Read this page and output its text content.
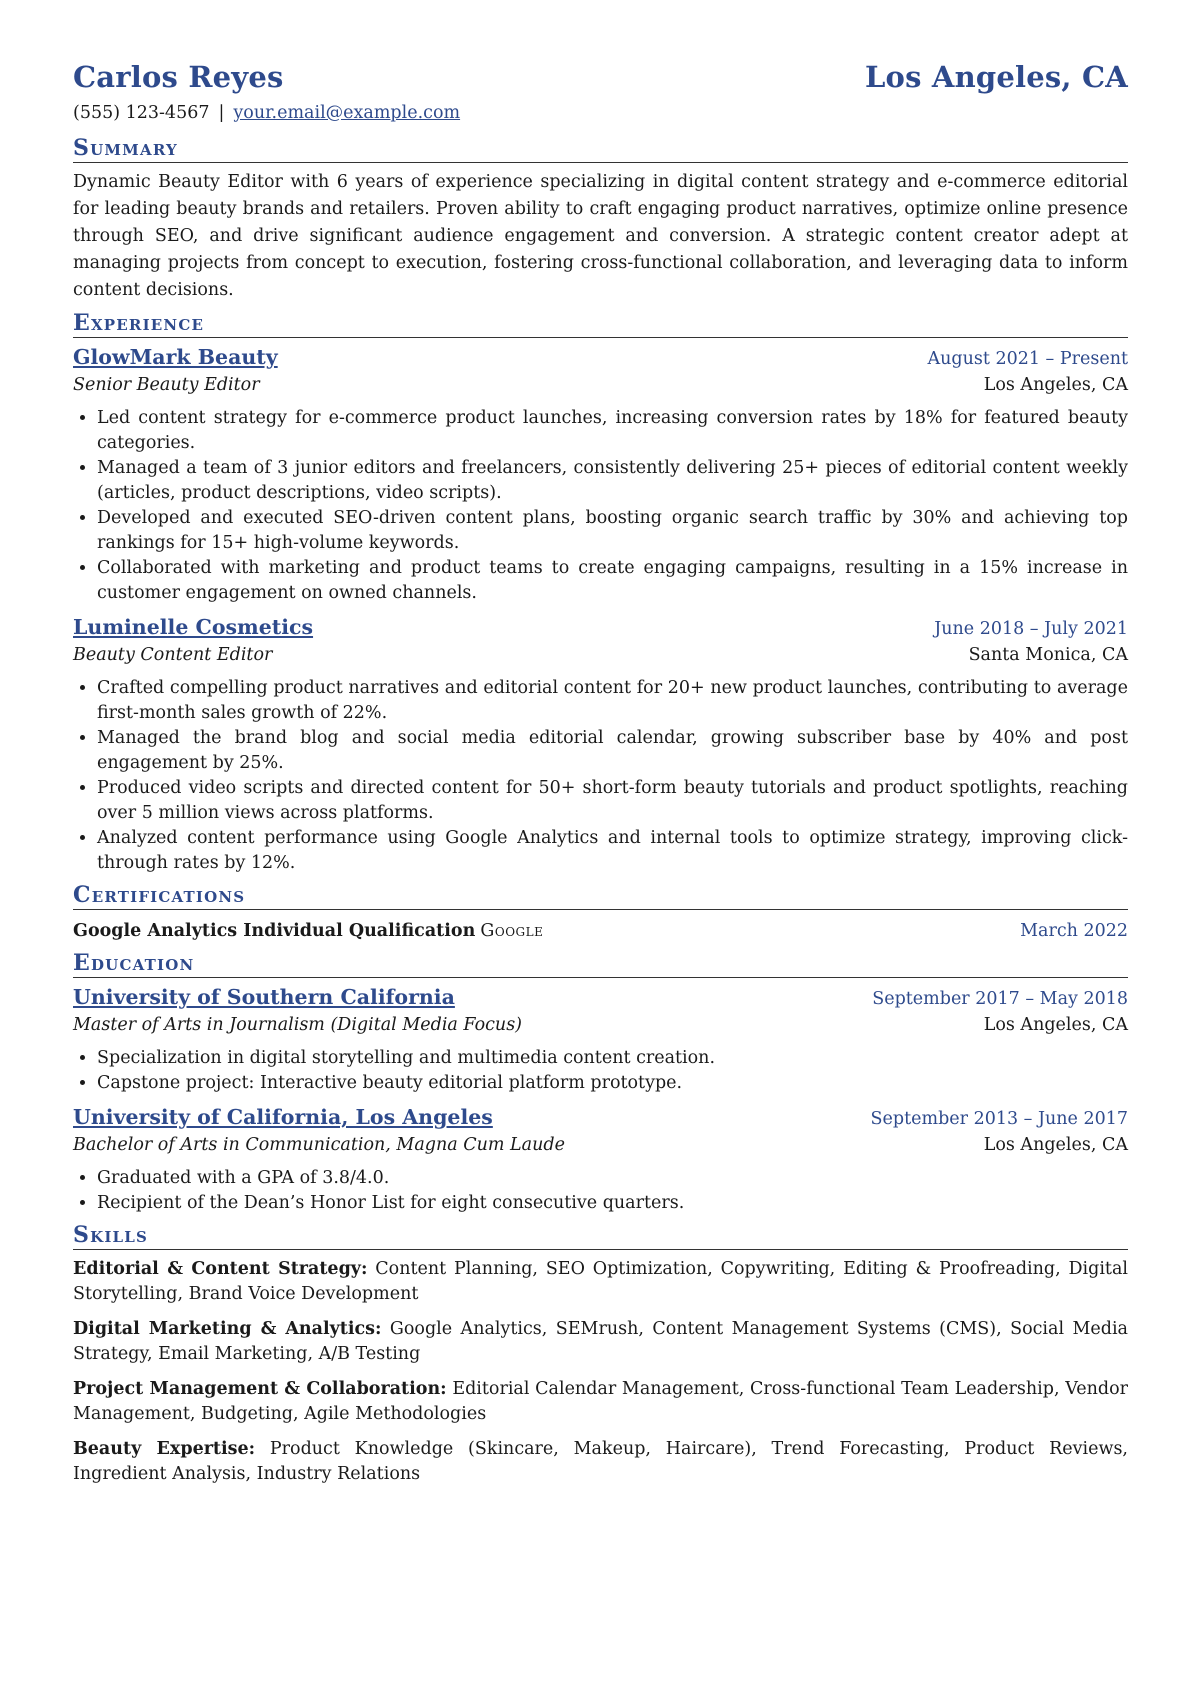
Carlos Reyes	Los Angeles, CA
(555) 123-4567 | your.email@example.com
Summary
Dynamic Beauty Editor with 6 years of experience specializing in digital content strategy and e-commerce editorial for leading beauty brands and retailers. Proven ability to craft engaging product narratives, optimize online presence through SEO, and drive significant audience engagement and conversion. A strategic content creator adept at managing projects from concept to execution, fostering cross-functional collaboration, and leveraging data to inform content decisions.
Experience
GlowMark Beauty	August 2021 – Present
Senior Beauty Editor	Los Angeles, CA
• Led content strategy for e-commerce product launches, increasing conversion rates by 18% for featured beauty categories.
• Managed a team of 3 junior editors and freelancers, consistently delivering 25+ pieces of editorial content weekly (articles, product descriptions, video scripts).
• Developed and executed SEO-driven content plans, boosting organic search traffic by 30% and achieving top rankings for 15+ high-volume keywords.
• Collaborated with marketing and product teams to create engaging campaigns, resulting in a 15% increase in customer engagement on owned channels.
Luminelle Cosmetics	June 2018 – July 2021
Beauty Content Editor	Santa Monica, CA
• Crafted compelling product narratives and editorial content for 20+ new product launches, contributing to average first-month sales growth of 22%.
• Managed the brand blog and social media editorial calendar, growing subscriber base by 40% and post engagement by 25%.
• Produced video scripts and directed content for 50+ short-form beauty tutorials and product spotlights, reaching over 5 million views across platforms.
• Analyzed content performance using Google Analytics and internal tools to optimize strategy, improving click-through rates by 12%.
Certifications
Google Analytics Individual Qualification Google	March 2022
Education
University of Southern California	September 2017 – May 2018
Master of Arts in Journalism (Digital Media Focus)	Los Angeles, CA
• Specialization in digital storytelling and multimedia content creation.
• Capstone project: Interactive beauty editorial platform prototype.
University of California, Los Angeles	September 2013 – June 2017
Bachelor of Arts in Communication, Magna Cum Laude	Los Angeles, CA
• Graduated with a GPA of 3.8/4.0.
• Recipient of the Dean’s Honor List for eight consecutive quarters.
Skills
Editorial & Content Strategy: Content Planning, SEO Optimization, Copywriting, Editing & Proofreading, Digital Storytelling, Brand Voice Development
Digital Marketing & Analytics: Google Analytics, SEMrush, Content Management Systems (CMS), Social Media Strategy, Email Marketing, A/B Testing
Project Management & Collaboration: Editorial Calendar Management, Cross-functional Team Leadership, Vendor Management, Budgeting, Agile Methodologies
Beauty Expertise: Product Knowledge (Skincare, Makeup, Haircare), Trend Forecasting, Product Reviews, Ingredient Analysis, Industry Relations
